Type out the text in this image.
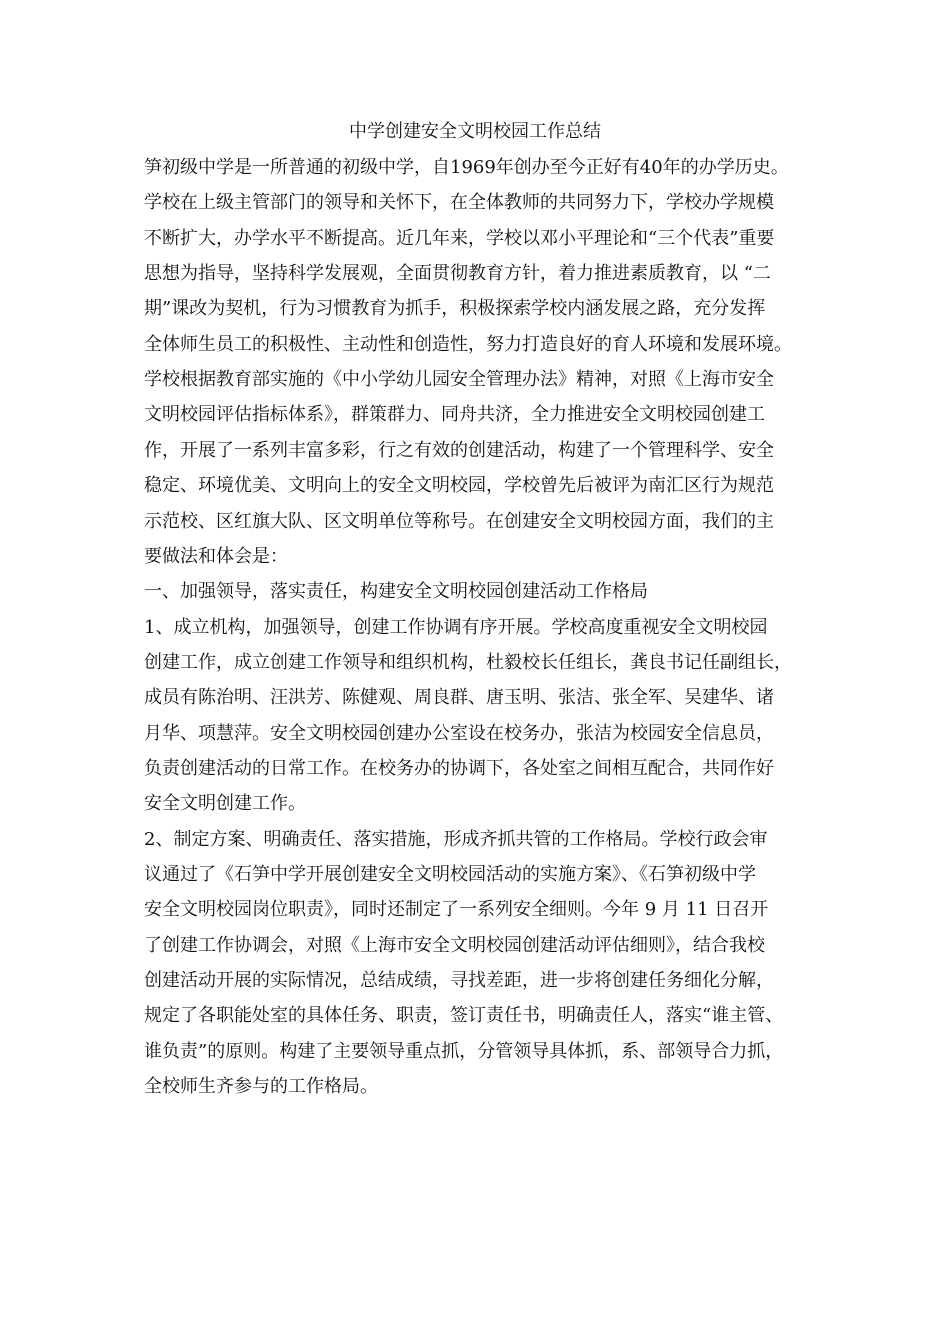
中学创建安全文明校园工作总结
笋初级中学是一所普通的初级中学，自1969年创办至今正好有40年的办学历史。
学校在上级主管部门的领导和关怀下，在全体教师的共同努力下，学校办学规模
不断扩大，办学水平不断提高。近几年来，学校以邓小平理论和“三个代表”重要
思想为指导，坚持科学发展观，全面贯彻教育方针，着力推进素质教育，以 “二
期”课改为契机，行为习惯教育为抓手，积极探索学校内涵发展之路，充分发挥
全体师生员工的积极性、主动性和创造性，努力打造良好的育人环境和发展环境。
学校根据教育部实施的《中小学幼儿园安全管理办法》精神，对照《上海市安全
文明校园评估指标体系》，群策群力、同舟共济，全力推进安全文明校园创建工
作，开展了一系列丰富多彩，行之有效的创建活动，构建了一个管理科学、安全
稳定、环境优美、文明向上的安全文明校园，学校曾先后被评为南汇区行为规范
示范校、区红旗大队、区文明单位等称号。在创建安全文明校园方面，我们的主
要做法和体会是：
一、加强领导，落实责任，构建安全文明校园创建活动工作格局
1、成立机构，加强领导，创建工作协调有序开展。学校高度重视安全文明校园
创建工作，成立创建工作领导和组织机构，杜毅校长任组长，龚良书记任副组长，
成员有陈治明、汪洪芳、陈健观、周良群、唐玉明、张洁、张全军、吴建华、诸
月华、项慧萍。安全文明校园创建办公室设在校务办，张洁为校园安全信息员，
负责创建活动的日常工作。在校务办的协调下，各处室之间相互配合，共同作好
安全文明创建工作。
2、制定方案、明确责任、落实措施，形成齐抓共管的工作格局。学校行政会审
议通过了《石笋中学开展创建安全文明校园活动的实施方案》、《石笋初级中学
安全文明校园岗位职责》，同时还制定了一系列安全细则。今年 9 月 11 日召开
了创建工作协调会，对照《上海市安全文明校园创建活动评估细则》，结合我校
创建活动开展的实际情况，总结成绩，寻找差距，进一步将创建任务细化分解，
规定了各职能处室的具体任务、职责，签订责任书，明确责任人，落实“谁主管、
谁负责”的原则。构建了主要领导重点抓，分管领导具体抓，系、部领导合力抓，
全校师生齐参与的工作格局。
